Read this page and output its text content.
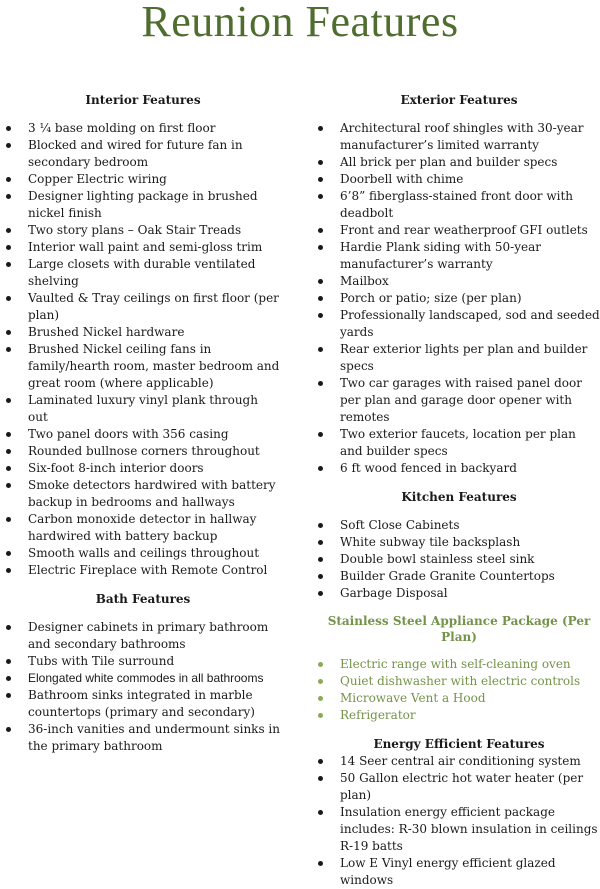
Reunion Features
Interior Features
3 ¼ base molding on first floor
Blocked and wired for future fan in secondary bedroom
Copper Electric wiring
Designer lighting package in brushed nickel finish
Two story plans – Oak Stair Treads
Interior wall paint and semi-gloss trim
Large closets with durable ventilated shelving
Vaulted & Tray ceilings on first floor (per plan)
Brushed Nickel hardware
Brushed Nickel ceiling fans in family/hearth room, master bedroom and great room (where applicable)
Laminated luxury vinyl plank through out
Two panel doors with 356 casing
Rounded bullnose corners throughout
Six-foot 8-inch interior doors
Smoke detectors hardwired with battery backup in bedrooms and hallways
Carbon monoxide detector in hallway hardwired with battery backup
Smooth walls and ceilings throughout
Electric Fireplace with Remote Control
Bath Features
Designer cabinets in primary bathroom and secondary bathrooms
Tubs with Tile surround
Elongated white commodes in all bathrooms
Bathroom sinks integrated in marble countertops (primary and secondary)
36-inch vanities and undermount sinks in the primary bathroom
Exterior Features
Architectural roof shingles with 30-year manufacturer’s limited warranty
All brick per plan and builder specs
Doorbell with chime
6’8” fiberglass-stained front door with deadbolt
Front and rear weatherproof GFI outlets
Hardie Plank siding with 50-year manufacturer’s warranty
Mailbox
Porch or patio; size (per plan)
Professionally landscaped, sod and seeded yards
Rear exterior lights per plan and builder specs
Two car garages with raised panel door per plan and garage door opener with remotes
Two exterior faucets, location per plan and builder specs
6 ft wood fenced in backyard
Kitchen Features
Soft Close Cabinets
White subway tile backsplash
Double bowl stainless steel sink
Builder Grade Granite Countertops
Garbage Disposal
Stainless Steel Appliance Package (Per Plan)
Electric range with self-cleaning oven
Quiet dishwasher with electric controls
Microwave Vent a Hood
Refrigerator
Energy Efficient Features
14 Seer central air conditioning system
50 Gallon electric hot water heater (per plan)
Insulation energy efficient package includes: R-30 blown insulation in ceilings R-19 batts
Low E Vinyl energy efficient glazed windows
